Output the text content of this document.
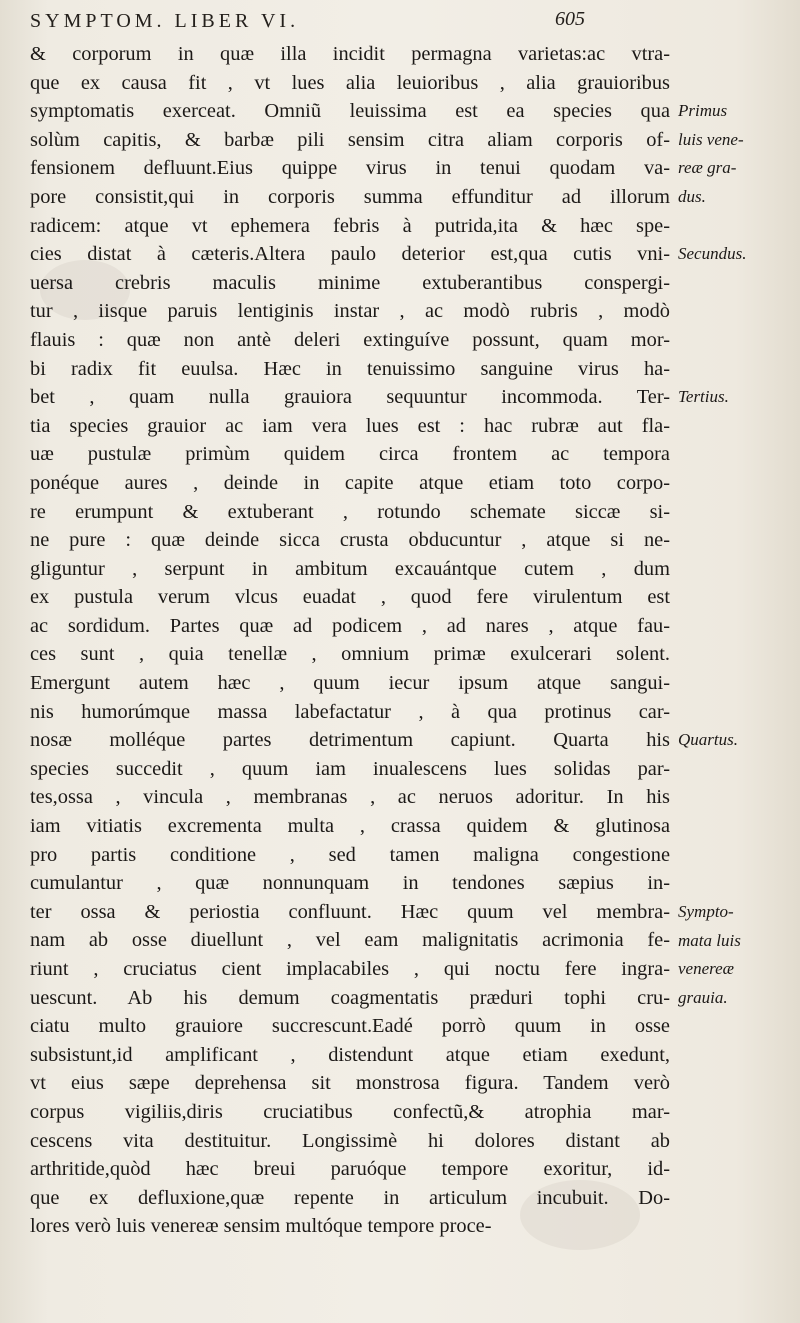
SYMPTOM. LIBER VI.	605
& corporum in quæ illa incidit permagna varietas:ac vtra-
que ex causa fit , vt lues alia leuioribus , alia grauioribus
symptomatis exerceat. Omniũ leuissima est ea species qua
solùm capitis, & barbæ pili sensim citra aliam corporis of-
fensionem defluunt.Eius quippe virus in tenui quodam va-
pore consistit,qui in corporis summa effunditur ad illorum
radicem: atque vt ephemera febris à putrida,ita & hæc spe-
cies distat à cæteris.Altera paulo deterior est,qua cutis vni-
uersa crebris maculis minime extuberantibus conspergi-
tur , iisque paruis lentiginis instar , ac modò rubris , modò
flauis : quæ non antè deleri extinguíve possunt, quam mor-
bi radix fit euulsa. Hæc in tenuissimo sanguine virus ha-
bet , quam nulla grauiora sequuntur incommoda. Ter-
tia species grauior ac iam vera lues est : hac rubræ aut fla-
uæ pustulæ primùm quidem circa frontem ac tempora
ponéque aures , deinde in capite atque etiam toto corpo-
re erumpunt & extuberant , rotundo schemate siccæ si-
ne pure : quæ deinde sicca crusta obducuntur , atque si ne-
gliguntur , serpunt in ambitum excauántque cutem , dum
ex pustula verum vlcus euadat , quod fere virulentum est
ac sordidum. Partes quæ ad podicem , ad nares , atque fau-
ces sunt , quia tenellæ , omnium primæ exulcerari solent.
Emergunt autem hæc , quum iecur ipsum atque sangui-
nis humorúmque massa labefactatur , à qua protinus car-
nosæ molléque partes detrimentum capiunt. Quarta his
species succedit , quum iam inualescens lues solidas par-
tes,ossa , vincula , membranas , ac neruos adoritur. In his
iam vitiatis excrementa multa , crassa quidem & glutinosa
pro partis conditione , sed tamen maligna congestione
cumulantur , quæ nonnunquam in tendones sæpius in-
ter ossa & periostia confluunt. Hæc quum vel membra-
nam ab osse diuellunt , vel eam malignitatis acrimonia fe-
riunt , cruciatus cient implacabiles , qui noctu fere ingra-
uescunt. Ab his demum coagmentatis præduri tophi cru-
ciatu multo grauiore succrescunt.Eadé porrò quum in osse
subsistunt,id amplificant , distendunt atque etiam exedunt,
vt eius sæpe deprehensa sit monstrosa figura. Tandem verò
corpus vigiliis,diris cruciatibus confectũ,& atrophia mar-
cescens vita destituitur. Longissimè hi dolores distant ab
arthritide,quòd hæc breui paruóque tempore exoritur, id-
que ex defluxione,quæ repente in articulum incubuit. Do-
lores verò luis venereæ sensim multóque tempore proce-
Primus
luis vene-
reæ gra-
dus.
Secundus.
Tertius.
Quartus.
Sympto-
mata luis
venereæ
grauia.
